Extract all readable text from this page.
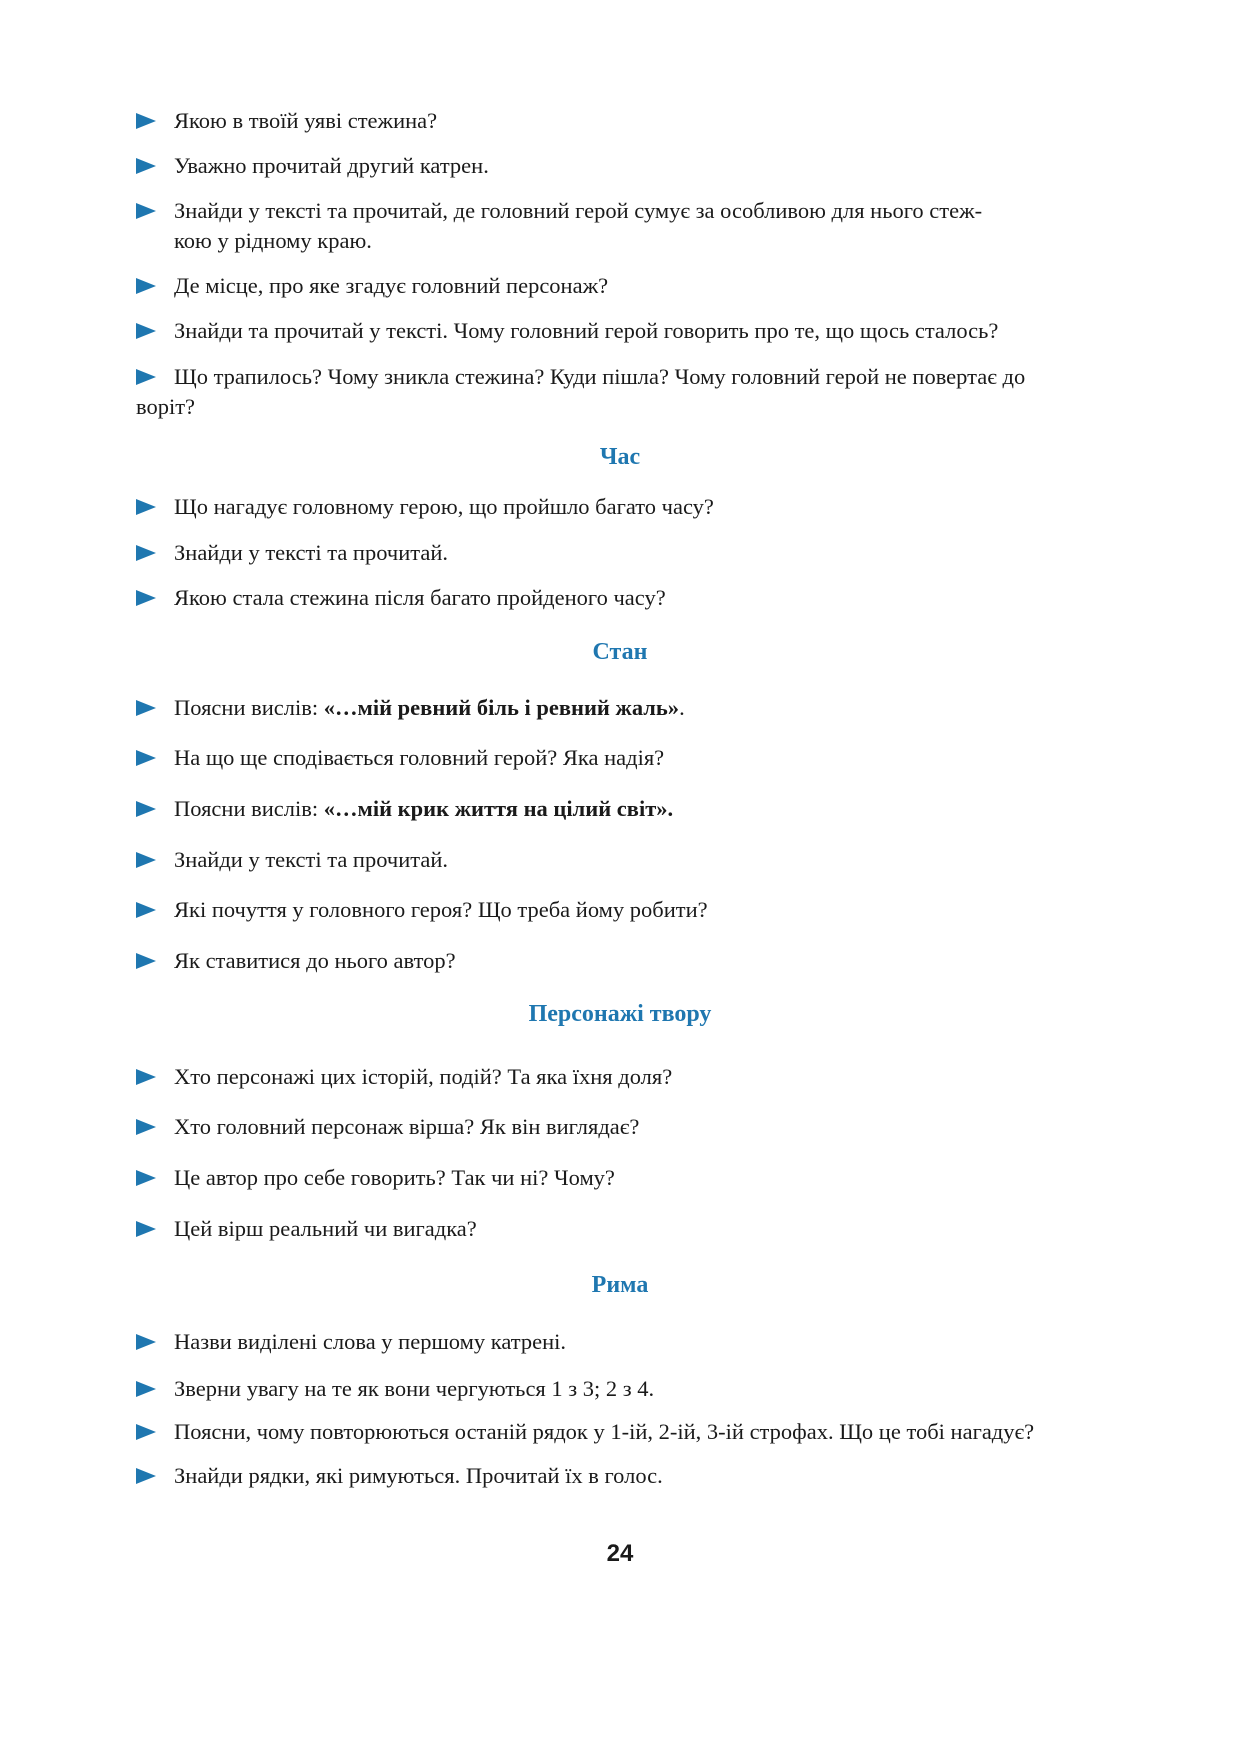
Якою в твоїй уяві стежина?
Уважно прочитай другий катрен.
Знайди у тексті та прочитай, де головний герой сумує за особливою для нього стеж-
кою у рідному краю.
Де місце, про яке згадує головний персонаж?
Знайди та прочитай у тексті. Чому головний герой говорить про те, що щось сталось?
Що трапилось? Чому зникла стежина? Куди пішла? Чому головний герой не повертає до
воріт?
Час
Що нагадує головному герою, що пройшло багато часу?
Знайди у тексті та прочитай.
Якою стала стежина після багато пройденого часу?
Стан
Поясни вислів: «…мій ревний біль і ревний жаль».
На що ще сподівається головний герой? Яка надія?
Поясни вислів: «…мій крик життя на цілий світ».
Знайди у тексті та прочитай.
Які почуття у головного героя? Що треба йому робити?
Як ставитися до нього автор?
Персонажі твору
Хто персонажі цих історій, подій? Та яка їхня доля?
Хто головний персонаж вірша? Як він виглядає?
Це автор про себе говорить? Так чи ні? Чому?
Цей вірш реальний чи вигадка?
Рима
Назви виділені слова у першому катрені.
Зверни увагу на те як вони чергуються 1 з 3; 2 з 4.
Поясни, чому повторюються останій рядок у 1-ій, 2-ій, 3-ій строфах. Що це тобі нагадує?
Знайди рядки, які римуються. Прочитай їх в голос.
24
